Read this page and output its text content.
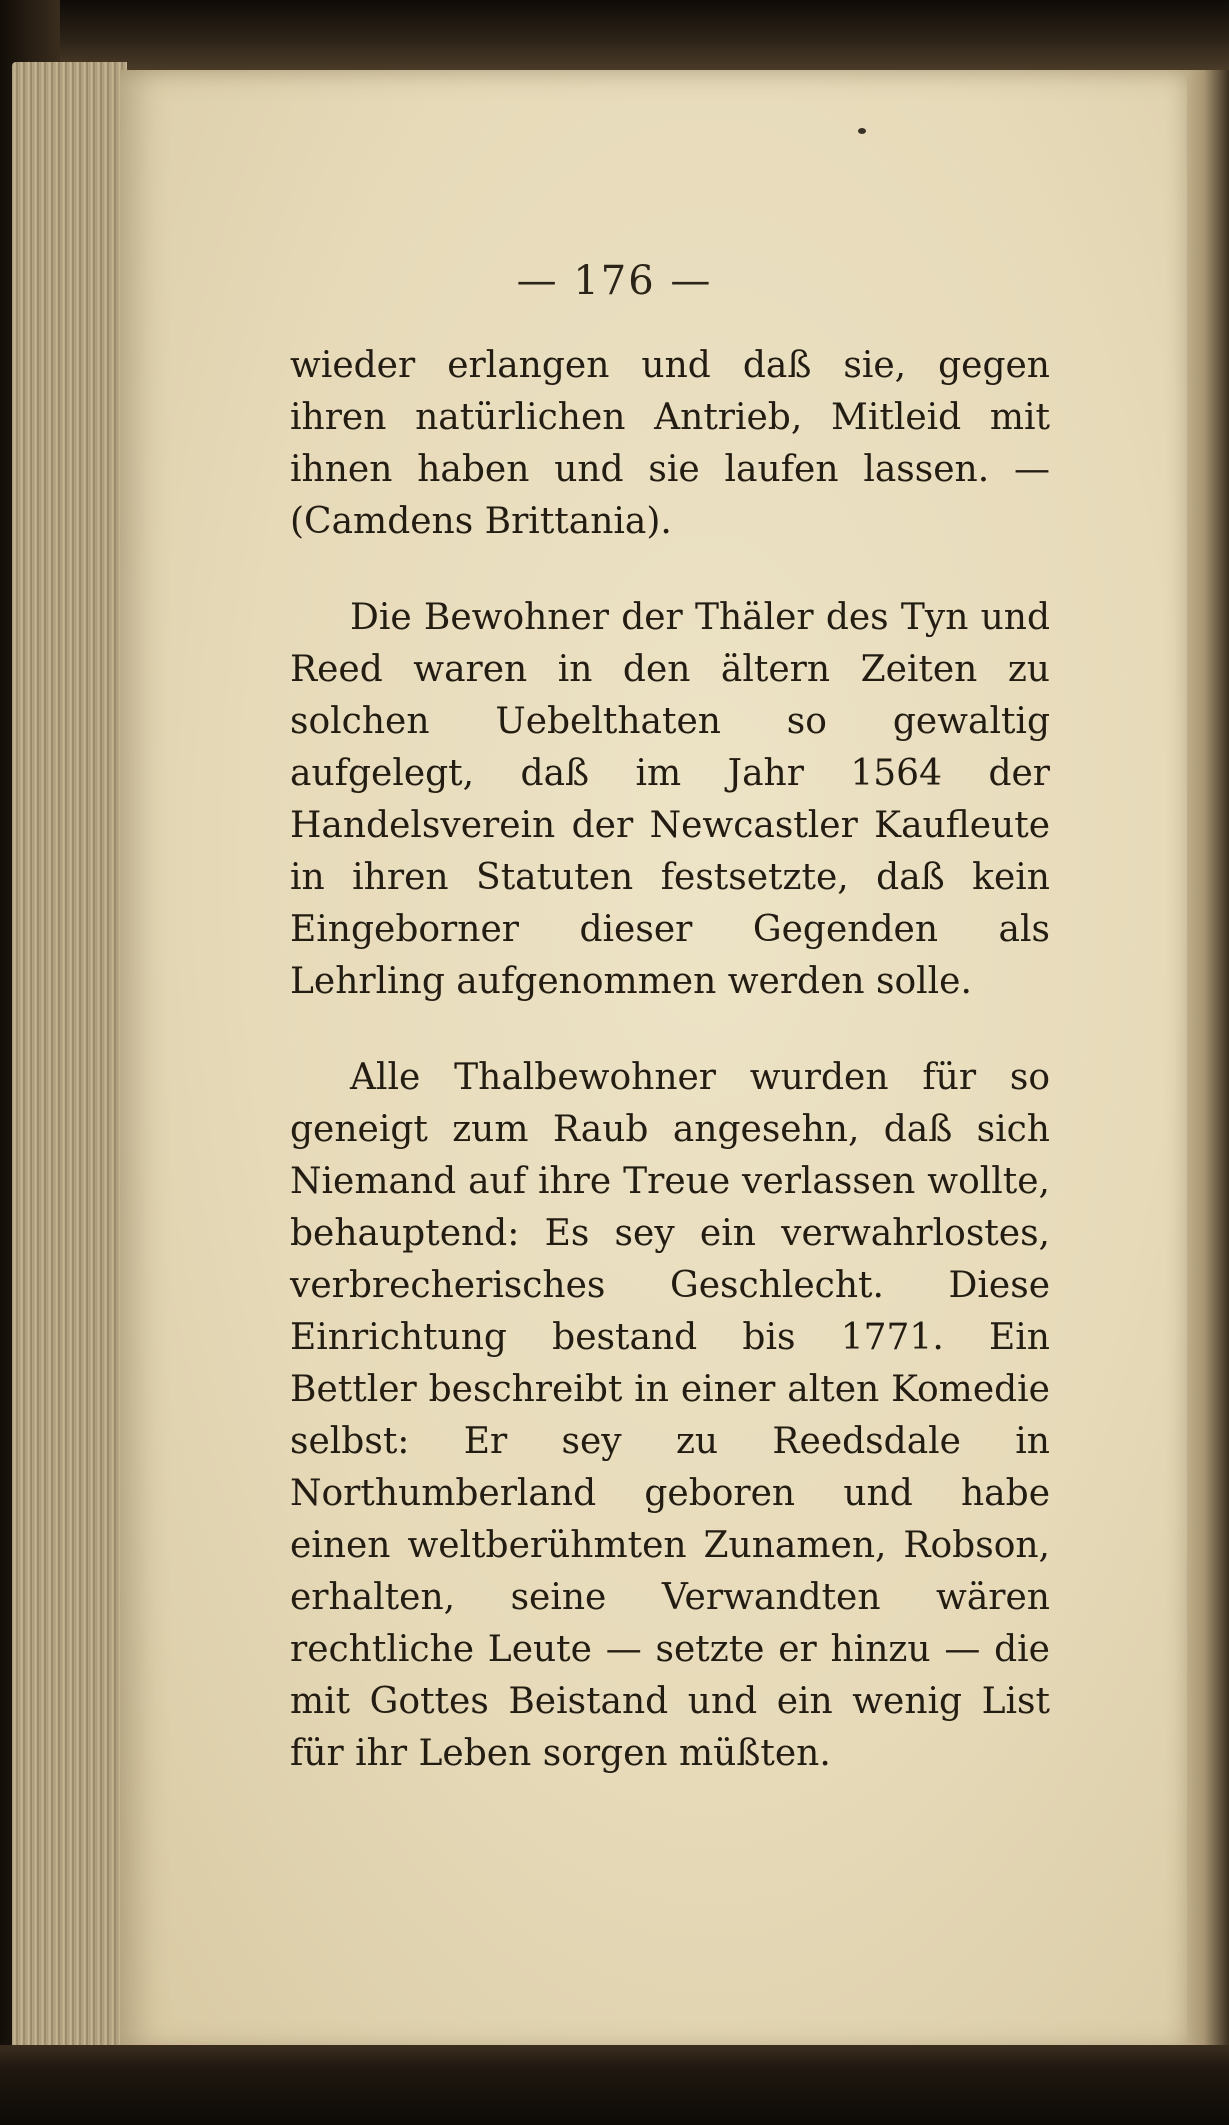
— 176 —

wieder erlangen und daß sie, gegen ihren natürlichen Antrieb, Mitleid mit ihnen haben und sie laufen lassen. — (Camdens Brittania).

Die Bewohner der Thäler des Tyn und Reed waren in den ältern Zeiten zu solchen Uebelthaten so gewaltig aufgelegt, daß im Jahr 1564 der Handelsverein der Newcastler Kaufleute in ihren Statuten festsetzte, daß kein Eingeborner dieser Gegenden als Lehrling aufgenommen werden solle.

Alle Thalbewohner wurden für so geneigt zum Raub angesehn, daß sich Niemand auf ihre Treue verlassen wollte, behauptend: Es sey ein verwahrlostes, verbrecherisches Geschlecht. Diese Einrichtung bestand bis 1771. Ein Bettler beschreibt in einer alten Komedie selbst: Er sey zu Reedsdale in Northumberland geboren und habe einen weltberühmten Zunamen, Robson, erhalten, seine Verwandten wären rechtliche Leute — setzte er hinzu — die mit Gottes Beistand und ein wenig List für ihr Leben sorgen müßten.
